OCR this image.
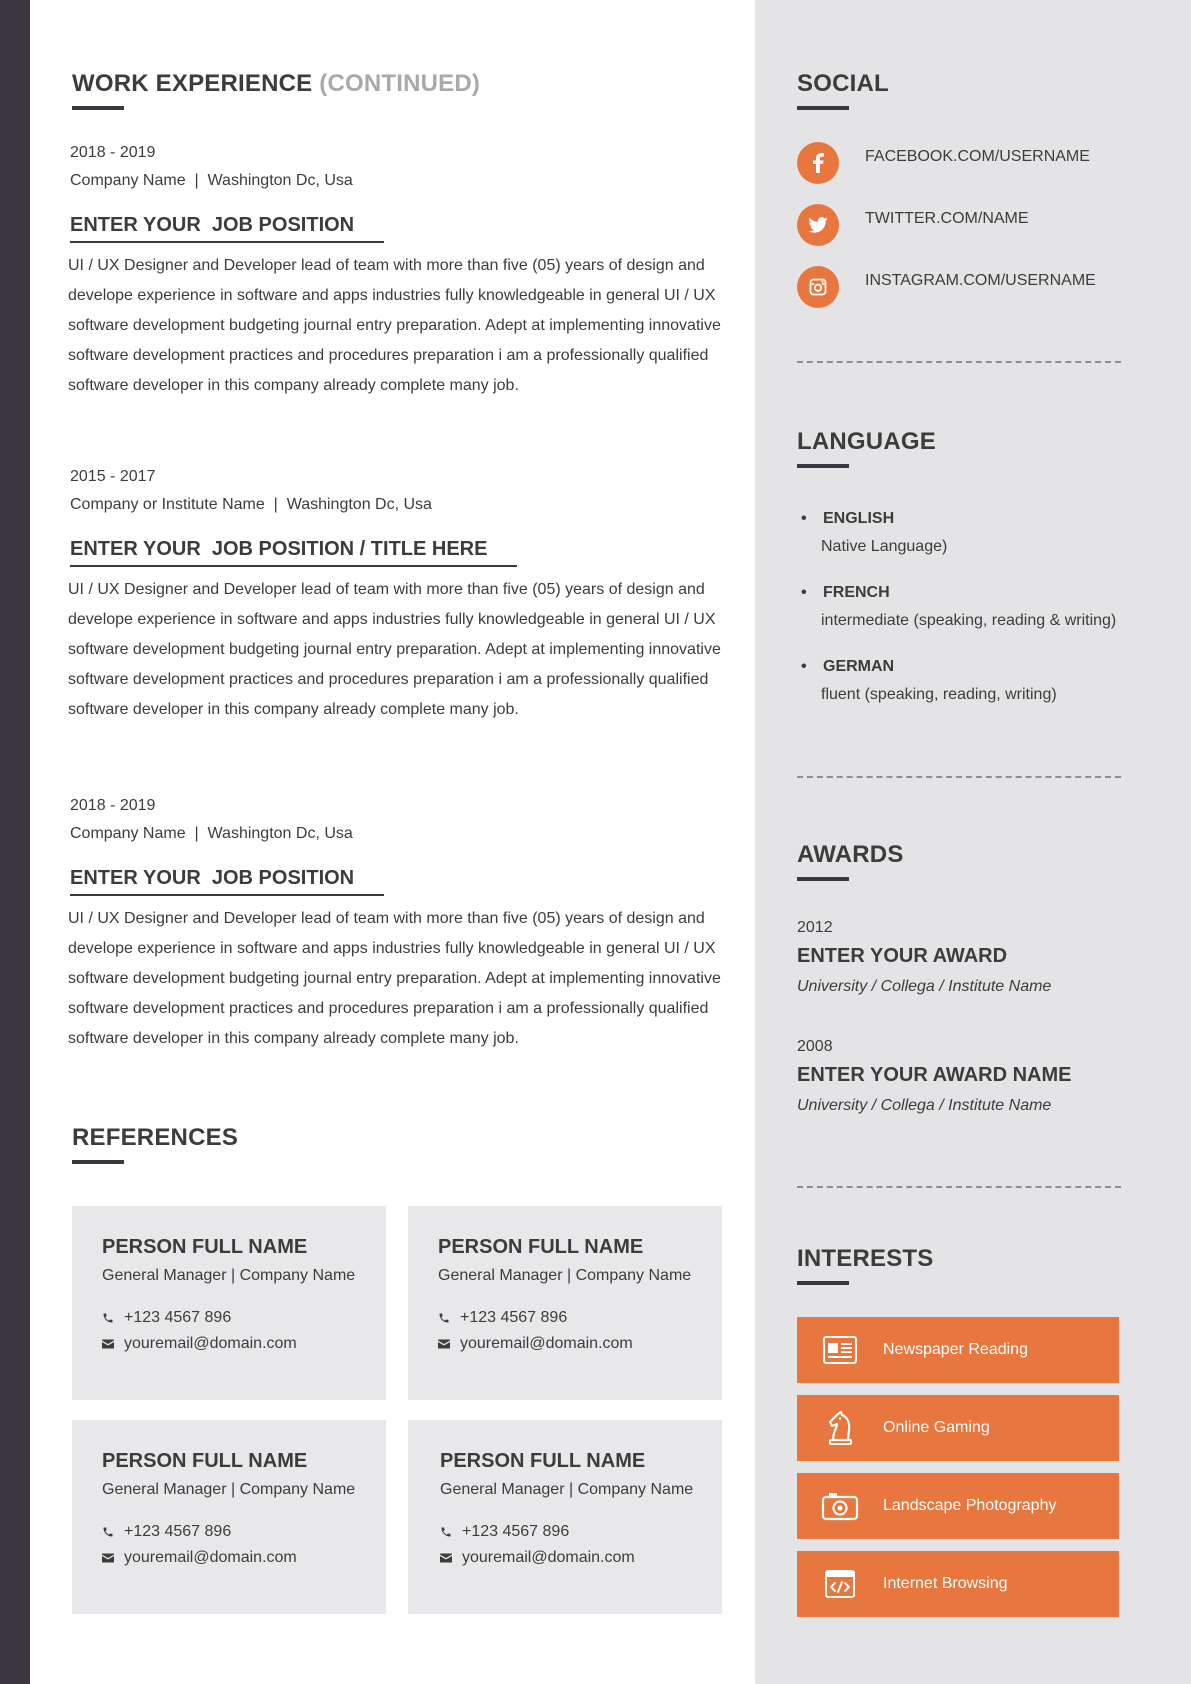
WORK EXPERIENCE (CONTINUED)
2018 - 2019
Company Name  |  Washington Dc, Usa
ENTER YOUR  JOB POSITION
UI / UX Designer and Developer lead of team with more than five (05) years of design and develope experience in software and apps industries fully knowledgeable in general UI / UX software development budgeting journal entry preparation. Adept at implementing innovative software development practices and procedures preparation i am a professionally qualified software developer in this company already complete many job.
2015 - 2017
Company or Institute Name  |  Washington Dc, Usa
ENTER YOUR  JOB POSITION / TITLE HERE
UI / UX Designer and Developer lead of team with more than five (05) years of design and develope experience in software and apps industries fully knowledgeable in general UI / UX software development budgeting journal entry preparation. Adept at implementing innovative software development practices and procedures preparation i am a professionally qualified software developer in this company already complete many job.
2018 - 2019
Company Name  |  Washington Dc, Usa
ENTER YOUR  JOB POSITION
UI / UX Designer and Developer lead of team with more than five (05) years of design and develope experience in software and apps industries fully knowledgeable in general UI / UX software development budgeting journal entry preparation. Adept at implementing innovative software development practices and procedures preparation i am a professionally qualified software developer in this company already complete many job.
REFERENCES
PERSON FULL NAME
General Manager | Company Name
+123 4567 896
youremail@domain.com
PERSON FULL NAME
General Manager | Company Name
+123 4567 896
youremail@domain.com
PERSON FULL NAME
General Manager | Company Name
+123 4567 896
youremail@domain.com
PERSON FULL NAME
General Manager | Company Name
+123 4567 896
youremail@domain.com
SOCIAL
FACEBOOK.COM/USERNAME
TWITTER.COM/NAME
INSTAGRAM.COM/USERNAME
LANGUAGE
• ENGLISH
Native Language)
• FRENCH
intermediate (speaking, reading & writing)
• GERMAN
fluent (speaking, reading, writing)
AWARDS
2012
ENTER YOUR AWARD
University / Collega / Institute Name
2008
ENTER YOUR AWARD NAME
University / Collega / Institute Name
INTERESTS
Newspaper Reading
Online Gaming
Landscape Photography
Internet Browsing
